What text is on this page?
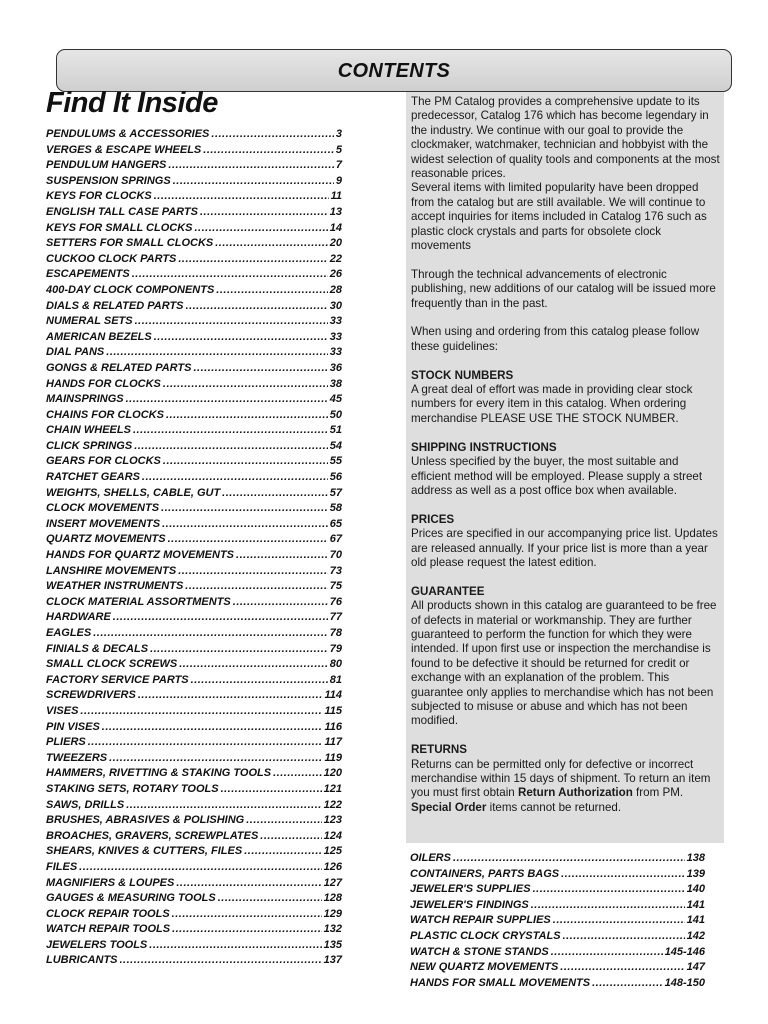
CONTENTS
Find It Inside
PENDULUMS & ACCESSORIES .....	3
VERGES & ESCAPE WHEELS .....	5
PENDULUM HANGERS .....	7
SUSPENSION SPRINGS .....	9
KEYS FOR CLOCKS .....	11
ENGLISH TALL CASE PARTS .....	13
KEYS FOR SMALL CLOCKS .....	14
SETTERS FOR SMALL CLOCKS .....	20
CUCKOO CLOCK PARTS .....	22
ESCAPEMENTS .....	26
400-DAY CLOCK COMPONENTS .....	28
DIALS & RELATED PARTS .....	30
NUMERAL SETS .....	33
AMERICAN BEZELS .....	33
DIAL PANS .....	33
GONGS & RELATED PARTS .....	36
HANDS FOR CLOCKS .....	38
MAINSPRINGS .....	45
CHAINS FOR CLOCKS .....	50
CHAIN WHEELS .....	51
CLICK SPRINGS .....	54
GEARS FOR CLOCKS .....	55
RATCHET GEARS .....	56
WEIGHTS, SHELLS, CABLE, GUT .....	57
CLOCK MOVEMENTS .....	58
INSERT MOVEMENTS .....	65
QUARTZ MOVEMENTS .....	67
HANDS FOR QUARTZ MOVEMENTS .....	70
LANSHIRE MOVEMENTS .....	73
WEATHER INSTRUMENTS .....	75
CLOCK MATERIAL ASSORTMENTS .....	76
HARDWARE .....	77
EAGLES .....	78
FINIALS & DECALS .....	79
SMALL CLOCK SCREWS .....	80
FACTORY SERVICE PARTS .....	81
SCREWDRIVERS .....	114
VISES .....	115
PIN VISES .....	116
PLIERS .....	117
TWEEZERS .....	119
HAMMERS, RIVETTING & STAKING TOOLS .....	120
STAKING SETS, ROTARY TOOLS .....	121
SAWS, DRILLS .....	122
BRUSHES, ABRASIVES & POLISHING .....	123
BROACHES, GRAVERS, SCREWPLATES .....	124
SHEARS, KNIVES & CUTTERS, FILES .....	125
FILES .....	126
MAGNIFIERS & LOUPES .....	127
GAUGES & MEASURING TOOLS .....	128
CLOCK REPAIR TOOLS .....	129
WATCH REPAIR TOOLS .....	132
JEWELERS TOOLS .....	135
LUBRICANTS .....	137

The PM Catalog provides a comprehensive update to its predecessor, Catalog 176 which has become legendary in the industry. We continue with our goal to provide the clockmaker, watchmaker, technician and hobbyist with the widest selection of quality tools and components at the most reasonable prices.

Several items with limited popularity have been dropped from the catalog but are still available. We will continue to accept inquiries for items included in Catalog 176 such as plastic clock crystals and parts for obsolete clock movements

Through the technical advancements of electronic publishing, new additions of our catalog will be issued more frequently than in the past.

When using and ordering from this catalog please follow these guidelines:

STOCK NUMBERS

A great deal of effort was made in providing clear stock numbers for every item in this catalog. When ordering merchandise PLEASE USE THE STOCK NUMBER.

SHIPPING INSTRUCTIONS

Unless specified by the buyer, the most suitable and efficient method will be employed. Please supply a street address as well as a post office box when available.

PRICES

Prices are specified in our accompanying price list. Updates are released annually. If your price list is more than a year old please request the latest edition.

GUARANTEE

All products shown in this catalog are guaranteed to be free of defects in material or workmanship. They are further guaranteed to perform the function for which they were intended. If upon first use or inspection the merchandise is found to be defective it should be returned for credit or exchange with an explanation of the problem. This guarantee only applies to merchandise which has not been subjected to misuse or abuse and which has not been modified.

RETURNS

Returns can be permitted only for defective or incorrect merchandise within 15 days of shipment. To return an item you must first obtain Return Authorization from PM. Special Order items cannot be returned.

OILERS .....	138
CONTAINERS, PARTS BAGS .....	139
JEWELER'S SUPPLIES .....	140
JEWELER'S FINDINGS .....	141
WATCH REPAIR SUPPLIES .....	141
PLASTIC CLOCK CRYSTALS .....	142
WATCH & STONE STANDS .....	145-146
NEW QUARTZ MOVEMENTS .....	147
HANDS FOR SMALL MOVEMENTS .....	148-150
